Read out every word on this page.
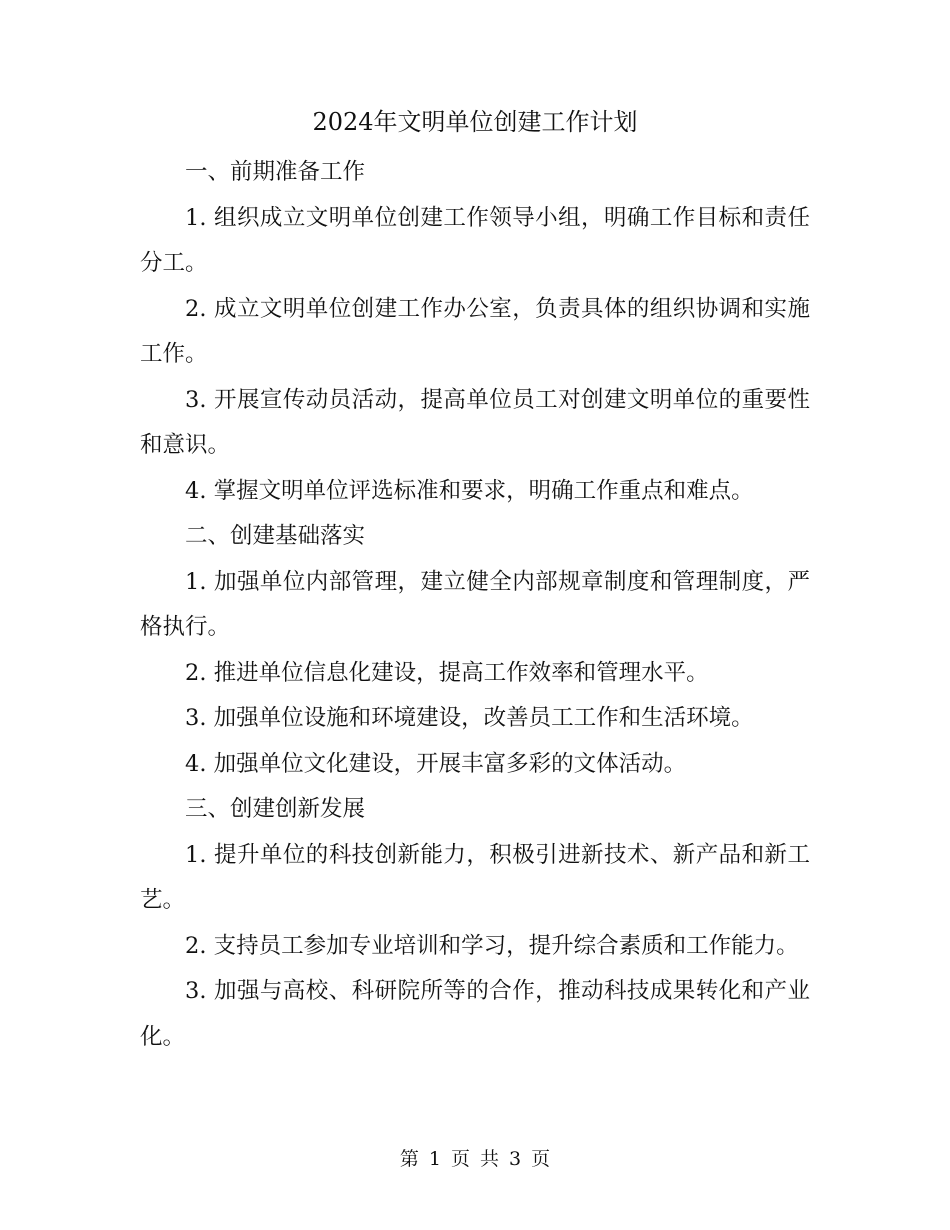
2024年文明单位创建工作计划

一、前期准备工作

1. 组织成立文明单位创建工作领导小组，明确工作目标和责任分工。

2. 成立文明单位创建工作办公室，负责具体的组织协调和实施工作。

3. 开展宣传动员活动，提高单位员工对创建文明单位的重要性和意识。

4. 掌握文明单位评选标准和要求，明确工作重点和难点。

二、创建基础落实

1. 加强单位内部管理，建立健全内部规章制度和管理制度，严格执行。

2. 推进单位信息化建设，提高工作效率和管理水平。

3. 加强单位设施和环境建设，改善员工工作和生活环境。

4. 加强单位文化建设，开展丰富多彩的文体活动。

三、创建创新发展

1. 提升单位的科技创新能力，积极引进新技术、新产品和新工艺。

2. 支持员工参加专业培训和学习，提升综合素质和工作能力。

3. 加强与高校、科研院所等的合作，推动科技成果转化和产业化。

第 1 页 共 3 页
